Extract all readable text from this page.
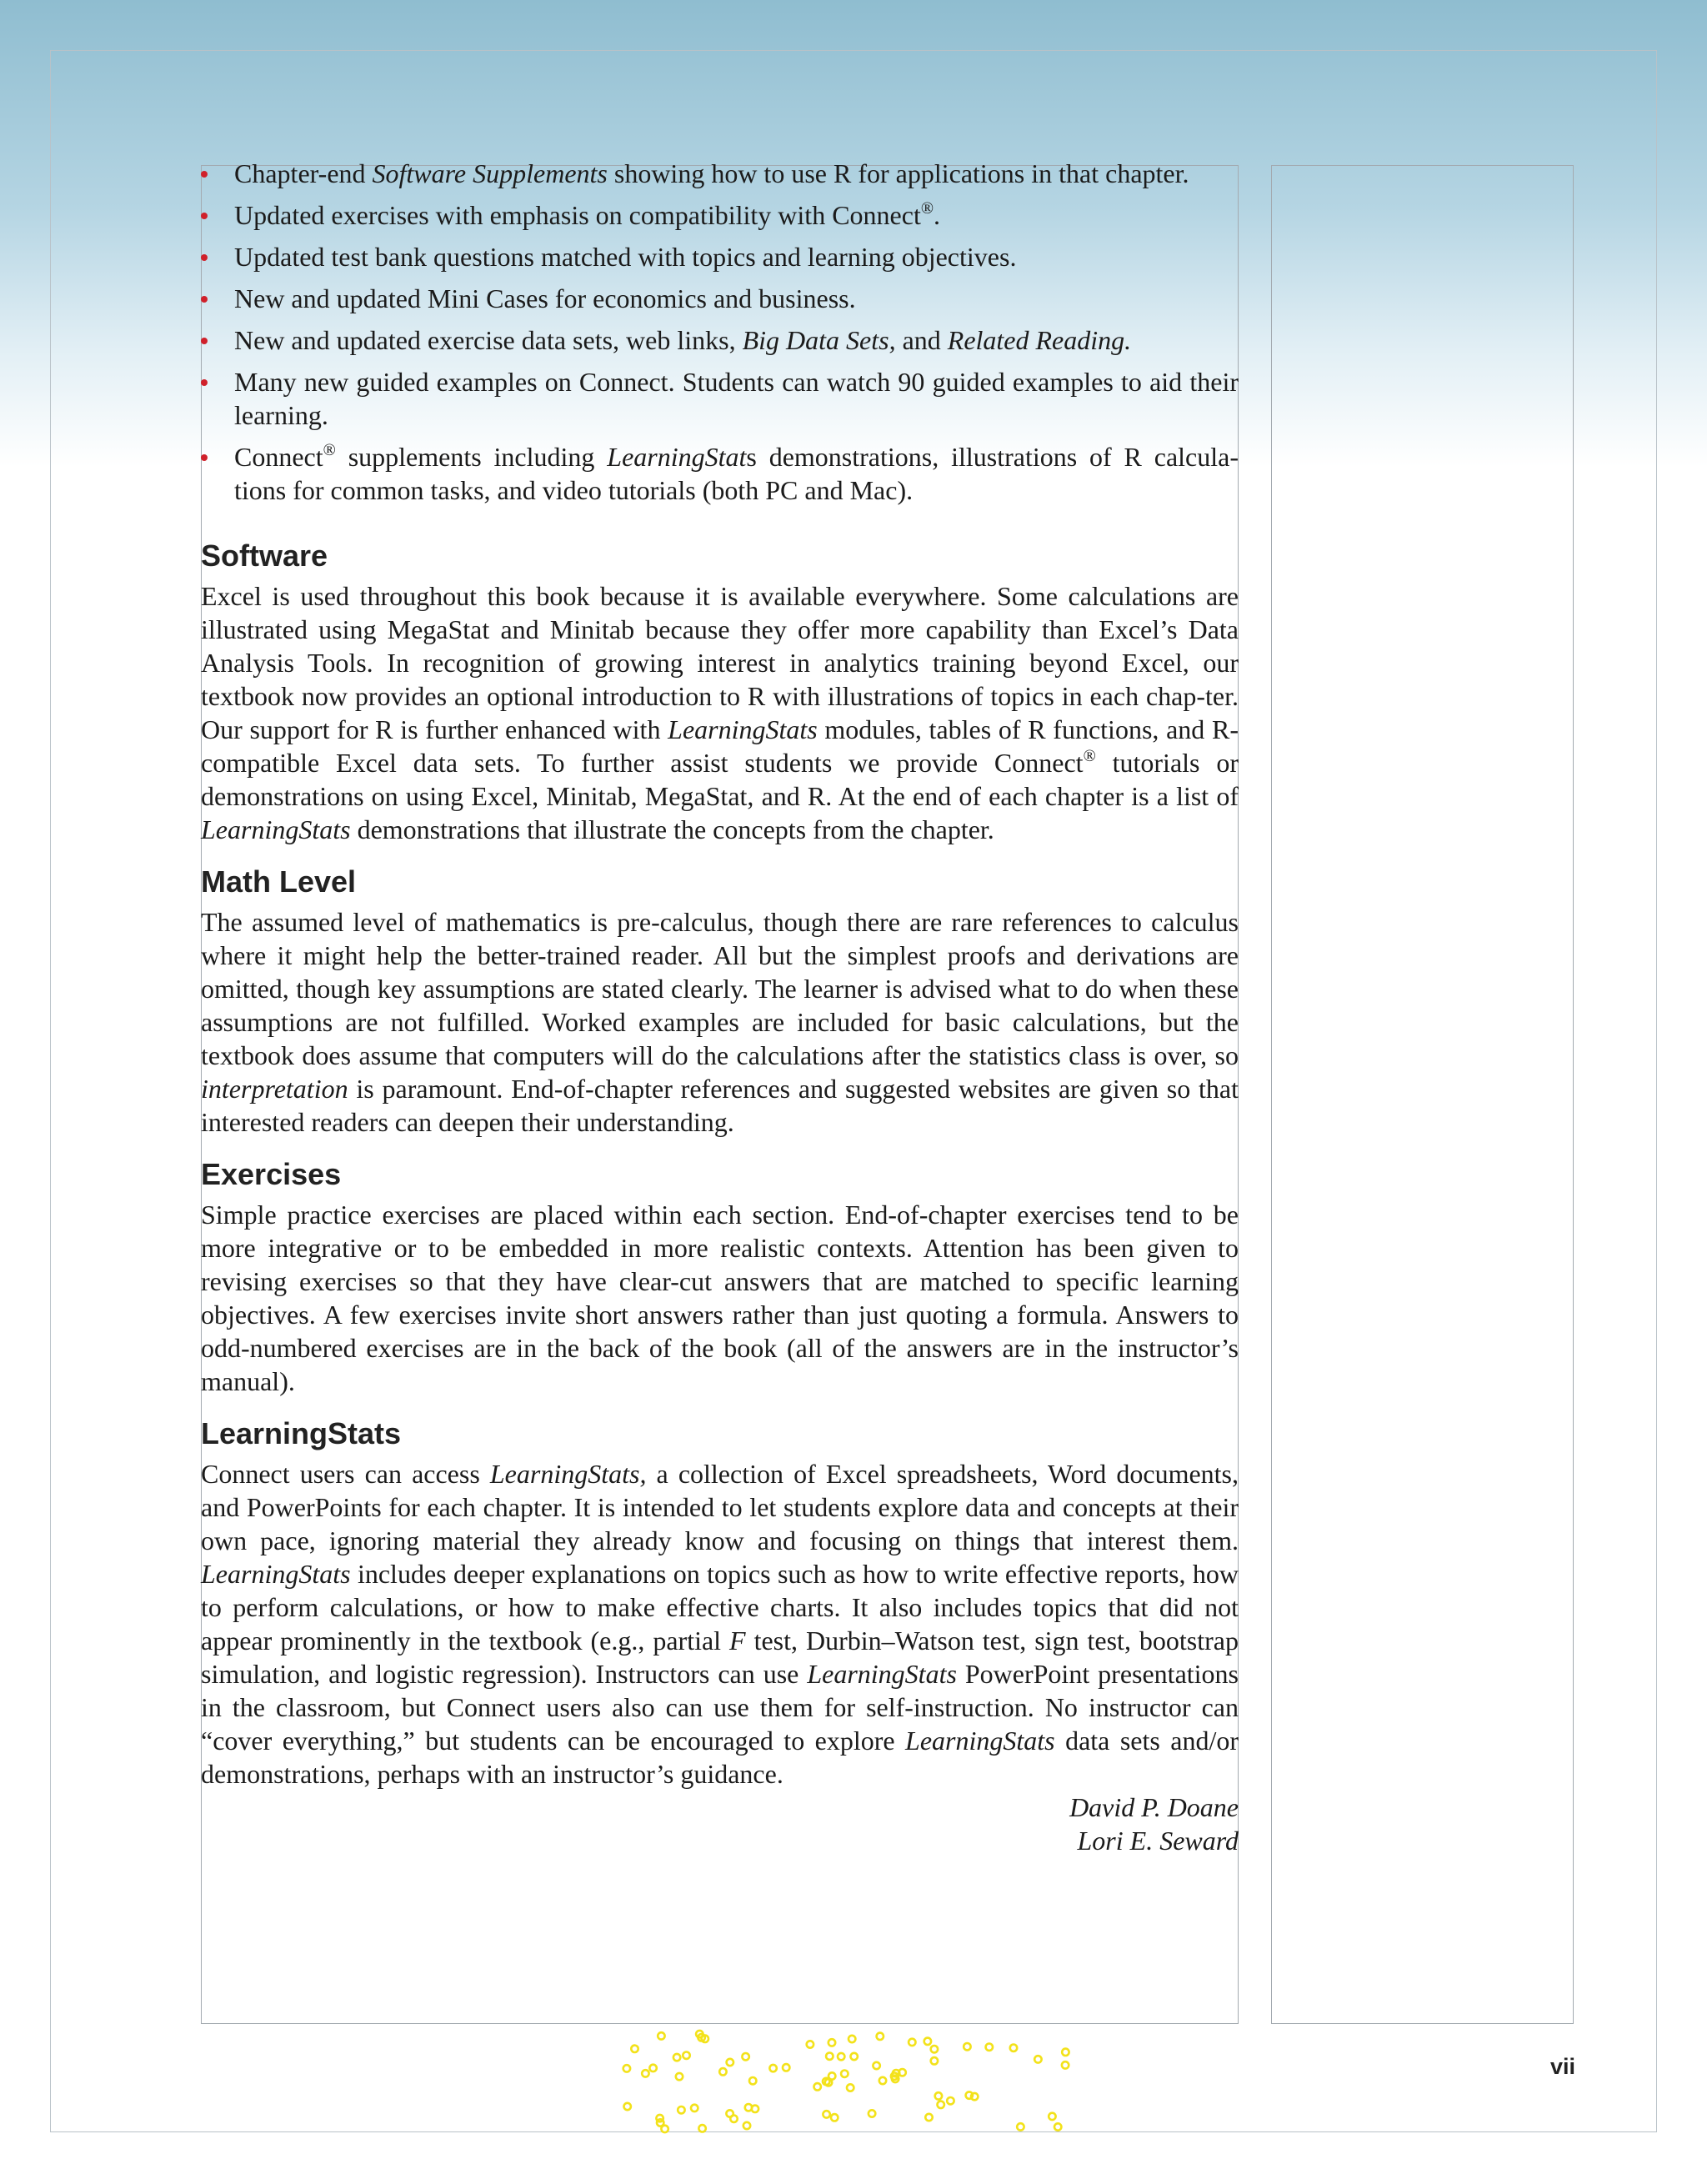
Chapter-end Software Supplements showing how to use R for applications in that chapter.
Updated exercises with emphasis on compatibility with Connect®.
Updated test bank questions matched with topics and learning objectives.
New and updated Mini Cases for economics and business.
New and updated exercise data sets, web links, Big Data Sets, and Related Reading.
Many new guided examples on Connect. Students can watch 90 guided examples to aid their learning.
Connect® supplements including LearningStats demonstrations, illustrations of R calcula-tions for common tasks, and video tutorials (both PC and Mac).
Software

Excel is used throughout this book because it is available everywhere. Some calculations are illustrated using MegaStat and Minitab because they offer more capability than Excel’s Data Analysis Tools. In recognition of growing interest in analytics training beyond Excel, our textbook now provides an optional introduction to R with illustrations of topics in each chap-ter. Our support for R is further enhanced with LearningStats modules, tables of R functions, and R-compatible Excel data sets. To further assist students we provide Connect® tutorials or demonstrations on using Excel, Minitab, MegaStat, and R. At the end of each chapter is a list of LearningStats demonstrations that illustrate the concepts from the chapter.

Math Level

The assumed level of mathematics is pre-calculus, though there are rare references to calculus where it might help the better-trained reader. All but the simplest proofs and derivations are omitted, though key assumptions are stated clearly. The learner is advised what to do when these assumptions are not fulfilled. Worked examples are included for basic calculations, but the textbook does assume that computers will do the calculations after the statistics class is over, so interpretation is paramount. End-of-chapter references and suggested websites are given so that interested readers can deepen their understanding.

Exercises

Simple practice exercises are placed within each section. End-of-chapter exercises tend to be more integrative or to be embedded in more realistic contexts. Attention has been given to revising exercises so that they have clear-cut answers that are matched to specific learning objectives. A few exercises invite short answers rather than just quoting a formula. Answers to odd-numbered exercises are in the back of the book (all of the answers are in the instructor’s manual).

LearningStats

Connect users can access LearningStats, a collection of Excel spreadsheets, Word documents, and PowerPoints for each chapter. It is intended to let students explore data and concepts at their own pace, ignoring material they already know and focusing on things that interest them. LearningStats includes deeper explanations on topics such as how to write effective reports, how to perform calculations, or how to make effective charts. It also includes topics that did not appear prominently in the textbook (e.g., partial F test, Durbin–Watson test, sign test, bootstrap simulation, and logistic regression). Instructors can use LearningStats PowerPoint presentations in the classroom, but Connect users also can use them for self-instruction. No instructor can “cover everything,” but students can be encouraged to explore LearningStats data sets and/or demonstrations, perhaps with an instructor’s guidance.

David P. Doane
Lori E. Seward
vii
